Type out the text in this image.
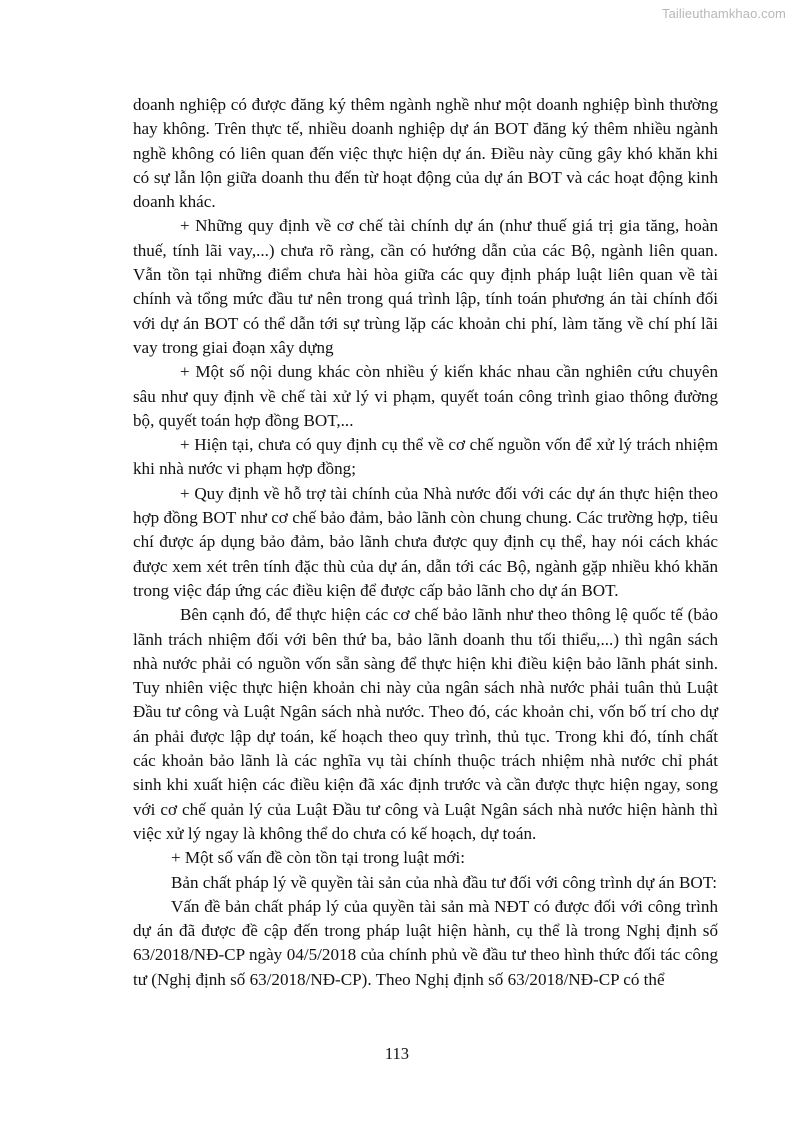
Tailieuthamkhao.com

doanh nghiệp có được đăng ký thêm ngành nghề như một doanh nghiệp bình thường hay không. Trên thực tế, nhiều doanh nghiệp dự án BOT đăng ký thêm nhiều ngành nghề không có liên quan đến việc thực hiện dự án. Điều này cũng gây khó khăn khi có sự lẫn lộn giữa doanh thu đến từ hoạt động của dự án BOT và các hoạt động kinh doanh khác.

+ Những quy định về cơ chế tài chính dự án (như thuế giá trị gia tăng, hoàn thuế, tính lãi vay,...) chưa rõ ràng, cần có hướng dẫn của các Bộ, ngành liên quan. Vẫn tồn tại những điểm chưa hài hòa giữa các quy định pháp luật liên quan về tài chính và tổng mức đầu tư nên trong quá trình lập, tính toán phương án tài chính đối với dự án BOT có thể dẫn tới sự trùng lặp các khoản chi phí, làm tăng về chí phí lãi vay trong giai đoạn xây dựng

+ Một số nội dung khác còn nhiều ý kiến khác nhau cần nghiên cứu chuyên sâu như quy định về chế tài xử lý vi phạm, quyết toán công trình giao thông đường bộ, quyết toán hợp đồng BOT,...

+ Hiện tại, chưa có quy định cụ thể về cơ chế nguồn vốn để xử lý trách nhiệm khi nhà nước vi phạm hợp đồng;

+ Quy định về hỗ trợ tài chính của Nhà nước đối với các dự án thực hiện theo hợp đồng BOT như cơ chế bảo đảm, bảo lãnh còn chung chung. Các trường hợp, tiêu chí được áp dụng bảo đảm, bảo lãnh chưa được quy định cụ thể, hay nói cách khác được xem xét trên tính đặc thù của dự án, dẫn tới các Bộ, ngành gặp nhiều khó khăn trong việc đáp ứng các điều kiện để được cấp bảo lãnh cho dự án BOT.

Bên cạnh đó, để thực hiện các cơ chế bảo lãnh như theo thông lệ quốc tế (bảo lãnh trách nhiệm đối với bên thứ ba, bảo lãnh doanh thu tối thiểu,...) thì ngân sách nhà nước phải có nguồn vốn sẵn sàng để thực hiện khi điều kiện bảo lãnh phát sinh. Tuy nhiên việc thực hiện khoản chi này của ngân sách nhà nước phải tuân thủ Luật Đầu tư công và Luật Ngân sách nhà nước. Theo đó, các khoản chi, vốn bố trí cho dự án phải được lập dự toán, kế hoạch theo quy trình, thủ tục. Trong khi đó, tính chất các khoản bảo lãnh là các nghĩa vụ tài chính thuộc trách nhiệm nhà nước chỉ phát sinh khi xuất hiện các điều kiện đã xác định trước và cần được thực hiện ngay, song với cơ chế quản lý của Luật Đầu tư công và Luật Ngân sách nhà nước hiện hành thì việc xử lý ngay là không thể do chưa có kế hoạch, dự toán.

+ Một số vấn đề còn tồn tại trong luật mới:

Bản chất pháp lý về quyền tài sản của nhà đầu tư đối với công trình dự án BOT:

Vấn đề bản chất pháp lý của quyền tài sản mà NĐT có được đối với công trình dự án đã được đề cập đến trong pháp luật hiện hành, cụ thể là trong Nghị định số 63/2018/NĐ-CP ngày 04/5/2018 của chính phủ về đầu tư theo hình thức đối tác công tư (Nghị định số 63/2018/NĐ-CP). Theo Nghị định số 63/2018/NĐ-CP có thể

113
